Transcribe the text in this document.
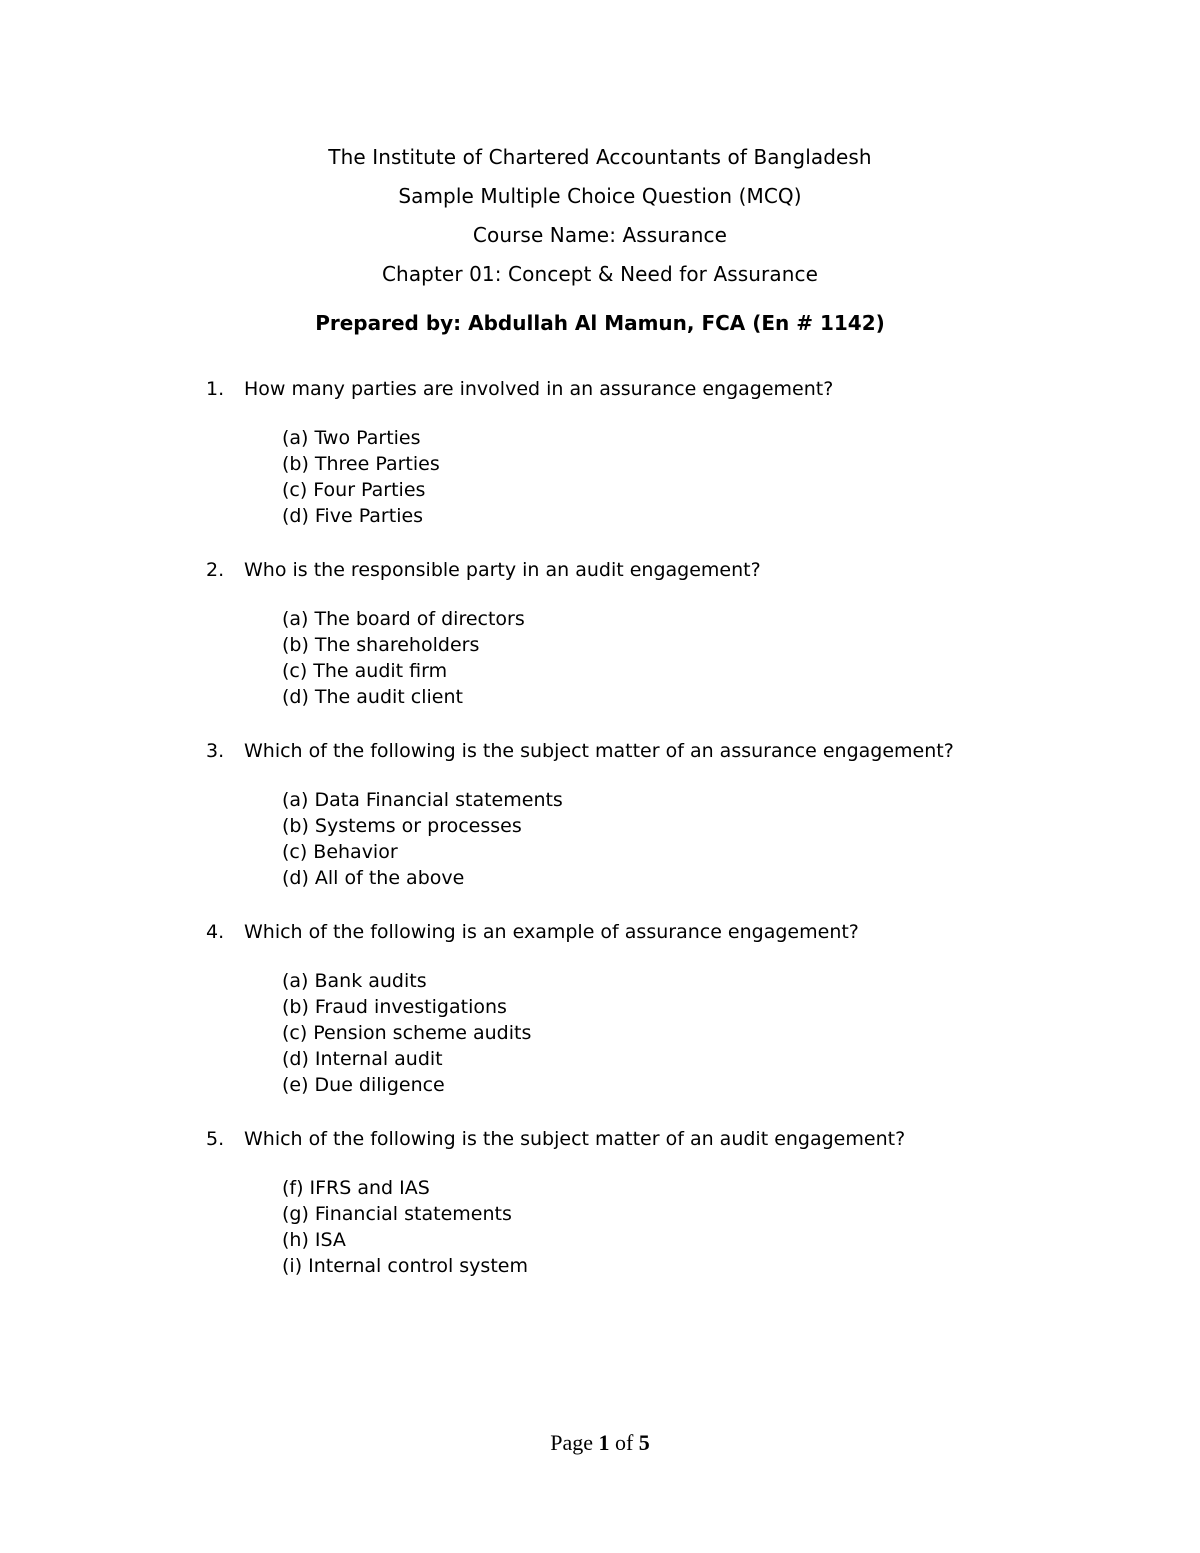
The Institute of Chartered Accountants of Bangladesh
Sample Multiple Choice Question (MCQ)
Course Name: Assurance
Chapter 01: Concept & Need for Assurance
Prepared by: Abdullah Al Mamun, FCA (En # 1142)
1.	How many parties are involved in an assurance engagement?
(a) Two Parties
(b) Three Parties
(c) Four Parties
(d) Five Parties
2.	Who is the responsible party in an audit engagement?
(a) The board of directors
(b) The shareholders
(c) The audit firm
(d) The audit client
3.	Which of the following is the subject matter of an assurance engagement?
(a) Data Financial statements
(b) Systems or processes
(c) Behavior
(d) All of the above
4.	Which of the following is an example of assurance engagement?
(a) Bank audits
(b) Fraud investigations
(c) Pension scheme audits
(d) Internal audit
(e) Due diligence
5.	Which of the following is the subject matter of an audit engagement?
(f) IFRS and IAS
(g) Financial statements
(h) ISA
(i) Internal control system
Page 1 of 5
